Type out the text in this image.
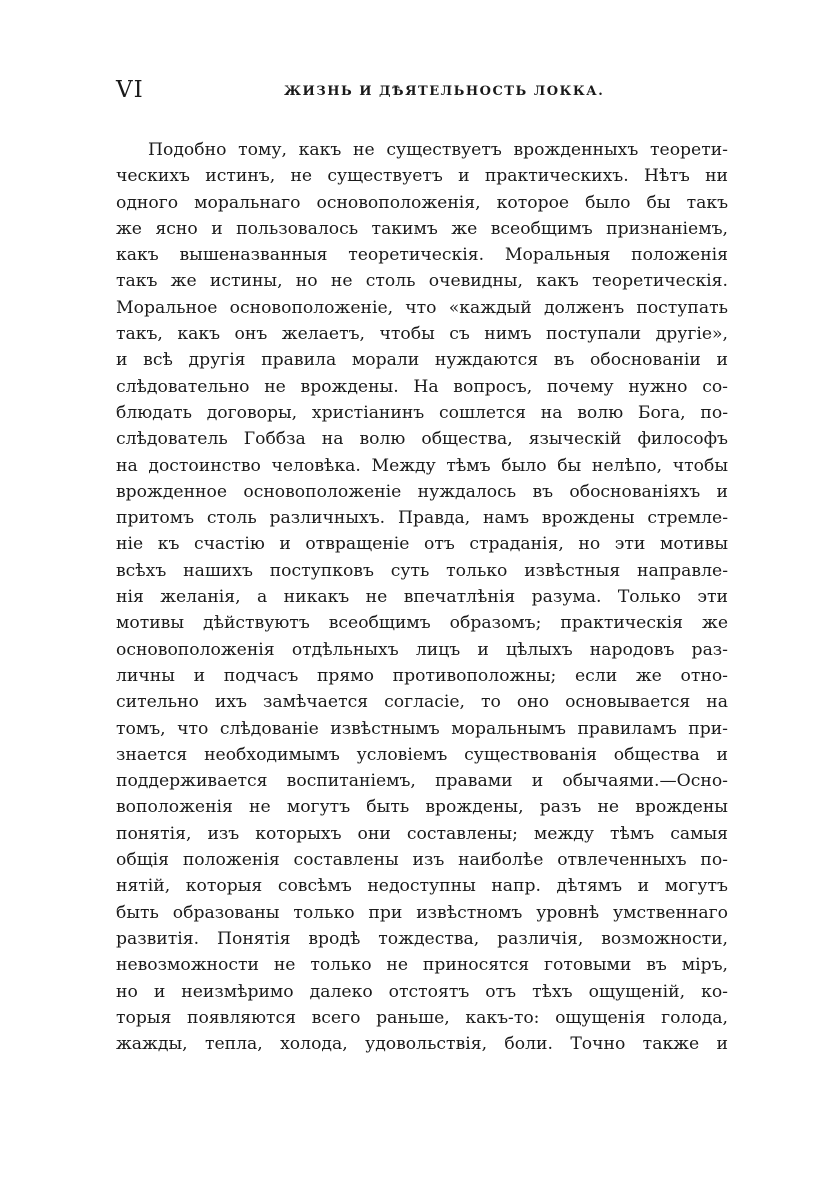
VI	ЖИЗНЬ И ДѢЯТЕЛЬНОСТЬ ЛОККА.
Подобно тому, какъ не существуетъ врожденныхъ теорети-
ческихъ истинъ, не существуетъ и практическихъ. Нѣтъ ни
одного моральнаго основоположенія, которое было бы такъ
же ясно и пользовалось такимъ же всеобщимъ признаніемъ,
какъ вышеназванныя теоретическія. Моральныя положенія
такъ же истины, но не столь очевидны, какъ теоретическія.
Моральное основоположеніе, что «каждый долженъ поступать
такъ, какъ онъ желаетъ, чтобы съ нимъ поступали другіе»,
и всѣ другія правила морали нуждаются въ обоснованіи и
слѣдовательно не врождены. На вопросъ, почему нужно со-
блюдать договоры, христіанинъ сошлется на волю Бога, по-
слѣдователь Гоббза на волю общества, языческій философъ
на достоинство человѣка. Между тѣмъ было бы нелѣпо, чтобы
врожденное основоположеніе нуждалось въ обоснованіяхъ и
притомъ столь различныхъ. Правда, намъ врождены стремле-
ніе къ счастію и отвращеніе отъ страданія, но эти мотивы
всѣхъ нашихъ поступковъ суть только извѣстныя направле-
нія желанія, а никакъ не впечатлѣнія разума. Только эти
мотивы дѣйствуютъ всеобщимъ образомъ; практическія же
основоположенія отдѣльныхъ лицъ и цѣлыхъ народовъ раз-
личны и подчасъ прямо противоположны; если же отно-
сительно ихъ замѣчается согласіе, то оно основывается на
томъ, что слѣдованіе извѣстнымъ моральнымъ правиламъ при-
знается необходимымъ условіемъ существованія общества и
поддерживается воспитаніемъ, правами и обычаями.—Осно-
воположенія не могутъ быть врождены, разъ не врождены
понятія, изъ которыхъ они составлены; между тѣмъ самыя
общія положенія составлены изъ наиболѣе отвлеченныхъ по-
нятій, которыя совсѣмъ недоступны напр. дѣтямъ и могутъ
быть образованы только при извѣстномъ уровнѣ умственнаго
развитія. Понятія вродѣ тождества, различія, возможности,
невозможности не только не приносятся готовыми въ міръ,
но и неизмѣримо далеко отстоятъ отъ тѣхъ ощущеній, ко-
торыя появляются всего раньше, какъ-то: ощущенія голода,
жажды, тепла, холода, удовольствія, боли. Точно также и
